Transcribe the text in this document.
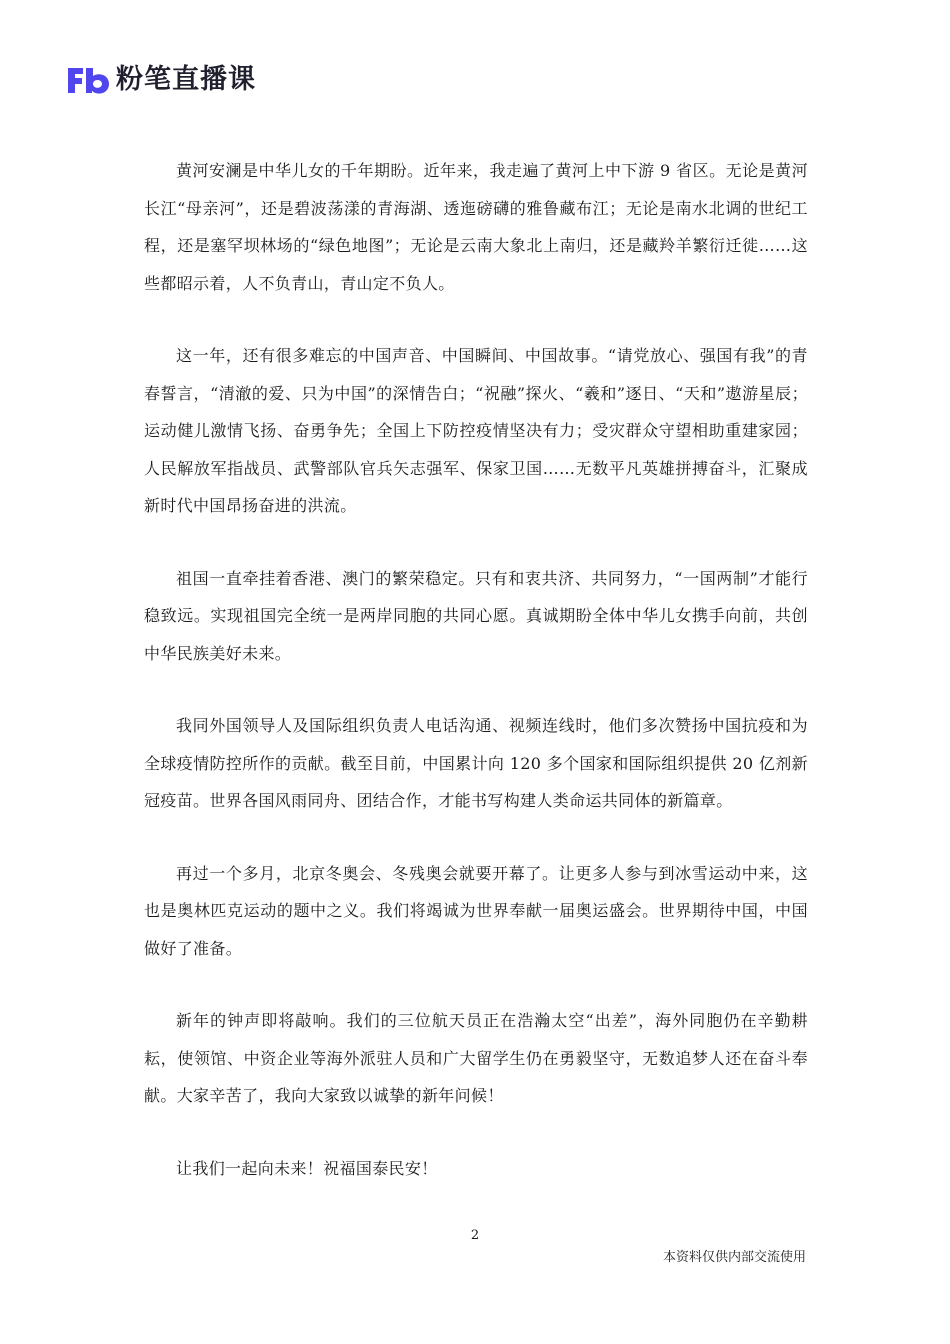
粉笔直播课

黄河安澜是中华儿女的千年期盼。近年来，我走遍了黄河上中下游 9 省区。无论是黄河长江“母亲河”，还是碧波荡漾的青海湖、透迤磅礴的雅鲁藏布江；无论是南水北调的世纪工程，还是塞罕坝林场的“绿色地图”；无论是云南大象北上南归，还是藏羚羊繁衍迁徙……这些都昭示着，人不负青山，青山定不负人。

这一年，还有很多难忘的中国声音、中国瞬间、中国故事。“请党放心、强国有我”的青春誓言，“清澈的爱、只为中国”的深情告白；“祝融”探火、“羲和”逐日、“天和”遨游星辰；运动健儿激情飞扬、奋勇争先；全国上下防控疫情坚决有力；受灾群众守望相助重建家园；人民解放军指战员、武警部队官兵矢志强军、保家卫国……无数平凡英雄拼搏奋斗，汇聚成新时代中国昂扬奋进的洪流。

祖国一直牵挂着香港、澳门的繁荣稳定。只有和衷共济、共同努力，“一国两制”才能行稳致远。实现祖国完全统一是两岸同胞的共同心愿。真诚期盼全体中华儿女携手向前，共创中华民族美好未来。

我同外国领导人及国际组织负责人电话沟通、视频连线时，他们多次赞扬中国抗疫和为全球疫情防控所作的贡献。截至目前，中国累计向 120 多个国家和国际组织提供 20 亿剂新冠疫苗。世界各国风雨同舟、团结合作，才能书写构建人类命运共同体的新篇章。

再过一个多月，北京冬奥会、冬残奥会就要开幕了。让更多人参与到冰雪运动中来，这也是奥林匹克运动的题中之义。我们将竭诚为世界奉献一届奥运盛会。世界期待中国，中国做好了准备。

新年的钟声即将敲响。我们的三位航天员正在浩瀚太空“出差”，海外同胞仍在辛勤耕耘，使领馆、中资企业等海外派驻人员和广大留学生仍在勇毅坚守，无数追梦人还在奋斗奉献。大家辛苦了，我向大家致以诚挚的新年问候！

让我们一起向未来！祝福国泰民安！

2
本资料仅供内部交流使用
